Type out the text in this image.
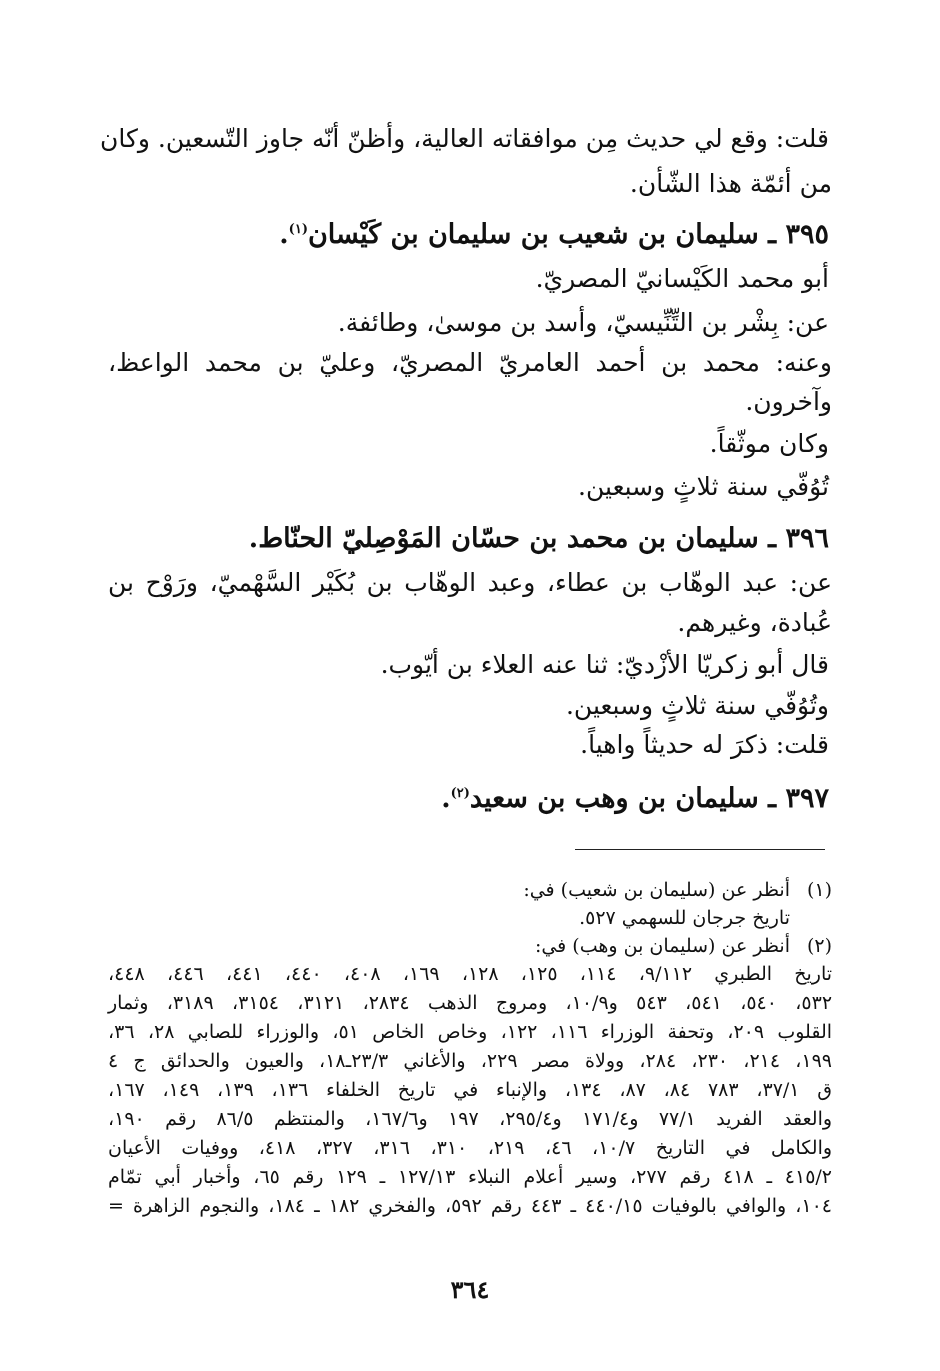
قلت: وقع لي حديث مِن موافقاته العالية، وأظنّ أنّه جاوز التّسعين. وكان
من أئمّة هذا الشّأن.
٣٩٥ ـ سليمان بن شعيب بن سليمان بن كَيْسان$^{(١)}$.
أبو محمد الكَيْسانيّ المصريّ.
عن: بِشْر بن التِّنِّيسيّ، وأسد بن موسىٰ، وطائفة.
وعنه: محمد بن أحمد العامريّ المصريّ، وعليّ بن محمد الواعظ،
وآخرون.
وكان موثّقاً.
تُوُفّي سنة ثلاثٍ وسبعين.
٣٩٦ ـ سليمان بن محمد بن حسّان المَوْصِليّ الحنّاط.
عن: عبد الوهّاب بن عطاء، وعبد الوهّاب بن بُكَيْر السَّهْميّ، ورَوْح بن
عُبادة، وغيرهم.
قال أبو زكريّا الأزْديّ: ثنا عنه العلاء بن أيّوب.
وتُوُفّي سنة ثلاثٍ وسبعين.
قلت: ذكرَ له حديثاً واهياً.
٣٩٧ ـ سليمان بن وهب بن سعيد$^{(٢)}$.
(١)
أنظر عن (سليمان بن شعيب) في:
تاريخ جرجان للسهمي ٥٢٧.
(٢)
أنظر عن (سليمان بن وهب) في:
تاريخ الطبري ٩/١١٢، ١١٤، ١٢٥، ١٢٨، ١٦٩، ٤٠٨، ٤٤٠، ٤٤١، ٤٤٦، ٤٤٨،
٥٣٢، ٥٤٠، ٥٤١، ٥٤٣ و١٠/٩، ومروج الذهب ٢٨٣٤، ٣١٢١، ٣١٥٤، ٣١٨٩، وثمار
القلوب ٢٠٩، وتحفة الوزراء ١١٦، ١٢٢، وخاص الخاص ٥١، والوزراء للصابي ٢٨، ٣٦،
١٩٩، ٢١٤، ٢٣٠، ٢٨٤، وولاة مصر ٢٢٩، والأغاني ٢٣/٣ـ١٨، والعيون والحدائق ج ٤
ق ٣٧/١، ٧٨٣ ٨٤، ٨٧، ١٣٤، والإنباء في تاريخ الخلفاء ١٣٦، ١٣٩، ١٤٩، ١٦٧،
والعقد الفريد ٧٧/١ و١٧١/٤ و٢٩٥/٤، ١٩٧ و١٦٧/٦، والمنتظم ٨٦/٥ رقم ١٩٠،
والكامل في التاريخ ١٠/٧، ٤٦، ٢١٩، ٣١٠، ٣١٦، ٣٢٧، ٤١٨، ووفيات الأعيان
٤١٥/٢ ـ ٤١٨ رقم ٢٧٧، وسير أعلام النبلاء ١٢٧/١٣ ـ ١٢٩ رقم ٦٥، وأخبار أبي تمّام
١٠٤، والوافي بالوفيات ٤٤٠/١٥ ـ ٤٤٣ رقم ٥٩٢، والفخري ١٨٢ ـ ١٨٤، والنجوم الزاهرة =
٣٦٤
